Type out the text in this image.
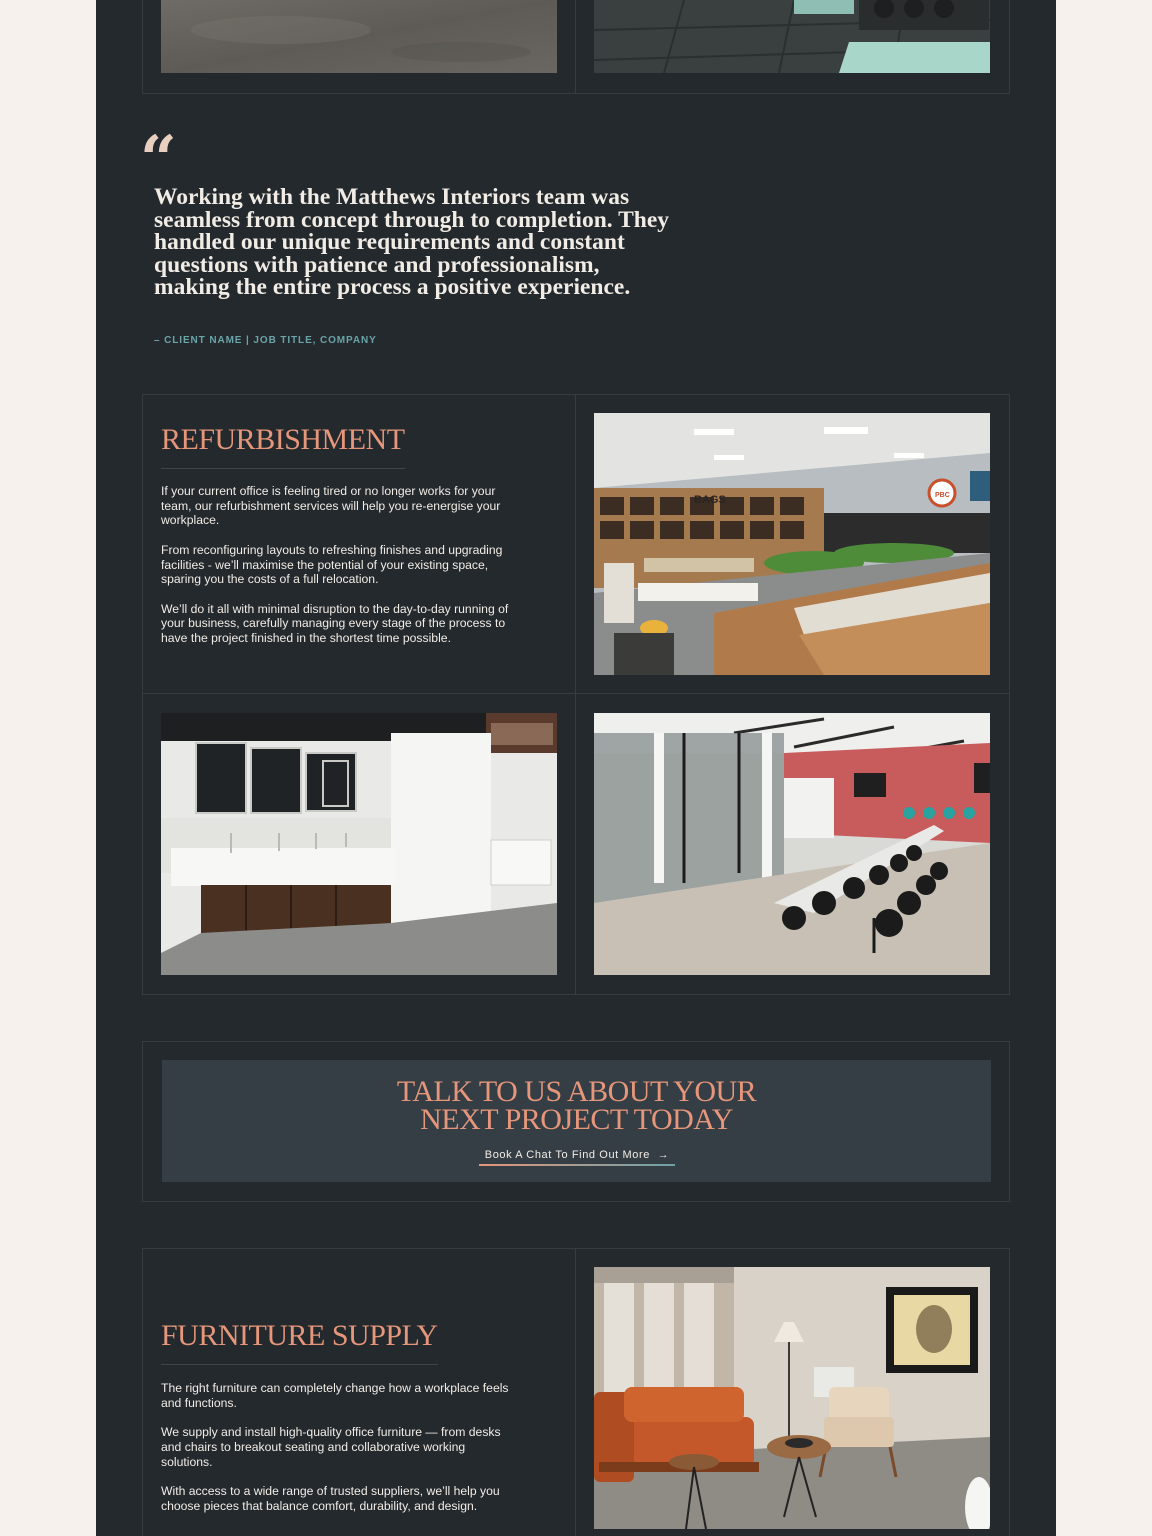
“

Working with the Matthews Interiors team was seamless from concept through to completion. They handled our unique requirements and constant questions with patience and professionalism, making the entire process a positive experience.

– CLIENT NAME | JOB TITLE, COMPANY
REFURBISHMENT

If your current office is feeling tired or no longer works for your team, our refurbishment services will help you re-energise your workplace.

From reconfiguring layouts to refreshing finishes and upgrading facilities - we’ll maximise the potential of your existing space, sparing you the costs of a full relocation.

We’ll do it all with minimal disruption to the day-to-day running of your business, carefully managing every stage of the process to have the project finished in the shortest time possible.

BAGS	PBC
TALK TO US ABOUT YOUR
NEXT PROJECT TODAY
Book A Chat To Find Out More →
FURNITURE SUPPLY

The right furniture can completely change how a workplace feels and functions.

We supply and install high-quality office furniture — from desks and chairs to breakout seating and collaborative working solutions.

With access to a wide range of trusted suppliers, we’ll help you choose pieces that balance comfort, durability, and design.
